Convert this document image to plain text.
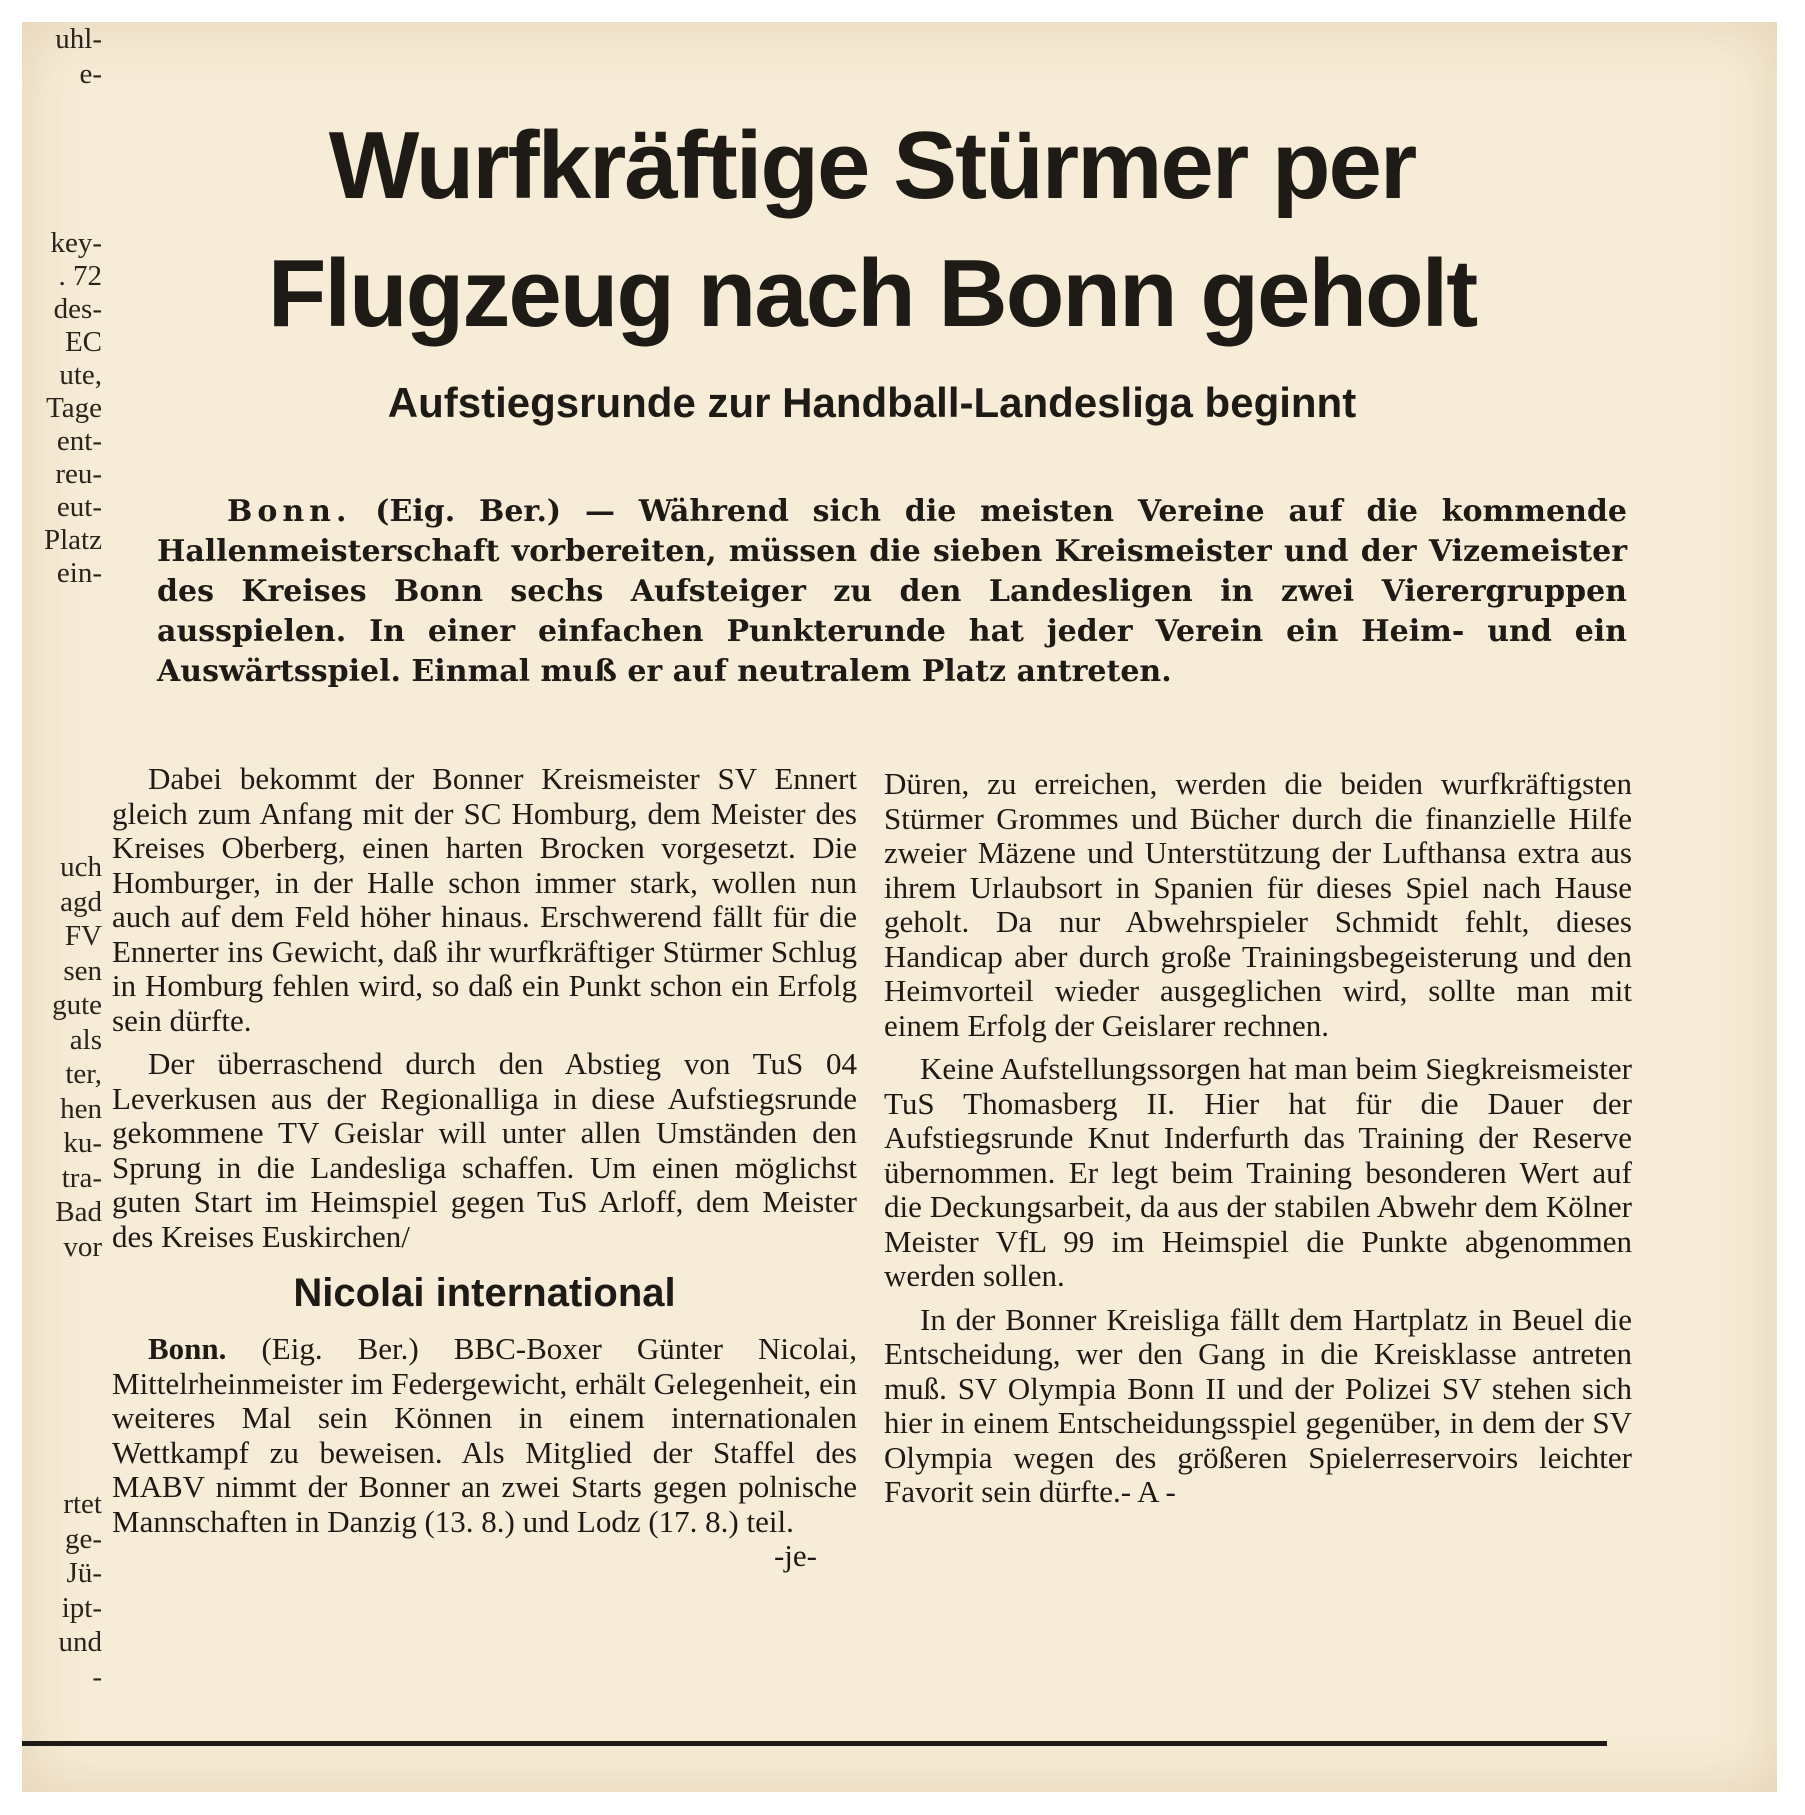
uhl-
e-
key-
. 72
des-
EC
ute,
Tage
ent-
reu-
eut-
Platz
ein-
uch
agd
FV
sen
gute
als
ter,
hen
ku-
tra-
Bad
vor
rtet
ge-
Jü-
ipt-
und
-
Wurfkräftige Stürmer per
Flugzeug nach Bonn geholt
Aufstiegsrunde zur Handball-Landesliga beginnt
Bonn. (Eig. Ber.) — Während sich die meisten Vereine auf die kommende Hallenmeisterschaft vorbereiten, müssen die sieben Kreismeister und der Vizemeister des Kreises Bonn sechs Aufsteiger zu den Landesligen in zwei Vierergruppen ausspielen. In einer einfachen Punkterunde hat jeder Verein ein Heim- und ein Auswärtsspiel. Einmal muß er auf neutralem Platz antreten.

Dabei bekommt der Bonner Kreismeister SV Ennert gleich zum Anfang mit der SC Homburg, dem Meister des Kreises Oberberg, einen harten Brocken vorgesetzt. Die Homburger, in der Halle schon immer stark, wollen nun auch auf dem Feld höher hinaus. Erschwerend fällt für die Ennerter ins Gewicht, daß ihr wurfkräftiger Stürmer Schlug in Homburg fehlen wird, so daß ein Punkt schon ein Erfolg sein dürfte.

Der überraschend durch den Abstieg von TuS 04 Leverkusen aus der Regionalliga in diese Aufstiegsrunde gekommene TV Geislar will unter allen Umständen den Sprung in die Landesliga schaffen. Um einen möglichst guten Start im Heimspiel gegen TuS Arloff, dem Meister des Kreises Euskirchen/

Nicolai international

Bonn. (Eig. Ber.) BBC-Boxer Günter Nicolai, Mittelrheinmeister im Federgewicht, erhält Gelegenheit, ein weiteres Mal sein Können in einem internationalen Wettkampf zu beweisen. Als Mitglied der Staffel des MABV nimmt der Bonner an zwei Starts gegen polnische Mannschaften in Danzig (13. 8.) und Lodz (17. 8.) teil.
-je-

Düren, zu erreichen, werden die beiden wurfkräftigsten Stürmer Grommes und Bücher durch die finanzielle Hilfe zweier Mäzene und Unterstützung der Lufthansa extra aus ihrem Urlaubsort in Spanien für dieses Spiel nach Hause geholt. Da nur Abwehrspieler Schmidt fehlt, dieses Handicap aber durch große Trainingsbegeisterung und den Heimvorteil wieder ausgeglichen wird, sollte man mit einem Erfolg der Geislarer rechnen.

Keine Aufstellungssorgen hat man beim Siegkreismeister TuS Thomasberg II. Hier hat für die Dauer der Aufstiegsrunde Knut Inderfurth das Training der Reserve übernommen. Er legt beim Training besonderen Wert auf die Deckungsarbeit, da aus der stabilen Abwehr dem Kölner Meister VfL 99 im Heimspiel die Punkte abgenommen werden sollen.

In der Bonner Kreisliga fällt dem Hartplatz in Beuel die Entscheidung, wer den Gang in die Kreisklasse antreten muß. SV Olympia Bonn II und der Polizei SV stehen sich hier in einem Entscheidungsspiel gegenüber, in dem der SV Olympia wegen des größeren Spielerreservoirs leichter Favorit sein dürfte.- A -
